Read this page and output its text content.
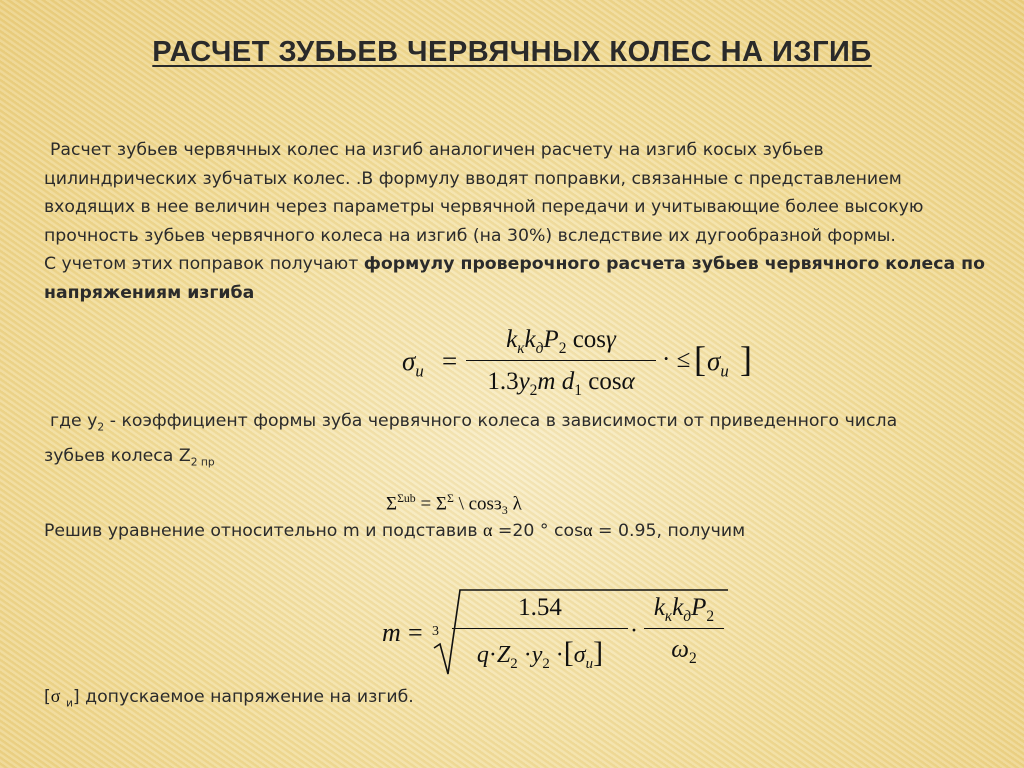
РАСЧЕТ ЗУБЬЕВ ЧЕРВЯЧНЫХ КОЛЕС НА ИЗГИБ
Расчет зубьев червячных колес на изгиб аналогичен расчету на изгиб косых зубьев
цилиндрических зубчатых колес. .В формулу вводят поправки, связанные с представлением
входящих в нее величин через параметры червячной передачи и учитывающие более высокую
прочность зубьев червячного колеса на изгиб (на 30%) вследствие их дугообразной формы.
С учетом этих поправок получают формулу проверочного расчета зубьев червячного колеса по
напряжениям изгиба
$\sigma_и$ =
$k_кk_дP_2$ cosγ
$1.3y_2m$ $d_1$ cosα
· ≤ [ $\sigma_и$ ]
где $y_2$ - коэффициент формы зуба червячного колеса в зависимости от приведенного числа
зубьев колеса $Z_{2 пр}$
$\Sigma^{Ʃub} = \Sigma^Ʃ$ \ cosɜ$_3$ λ
Решив уравнение относительно m и подставив α =20 ° cosα = 0.95, получим
m = 3
1.54
$q\cdot Z_2 \cdot y_2 \cdot[\sigma_и]$
·
$k_кk_дP_2$
$\omega_2$
[σ $_и$] допускаемое напряжение на изгиб.
